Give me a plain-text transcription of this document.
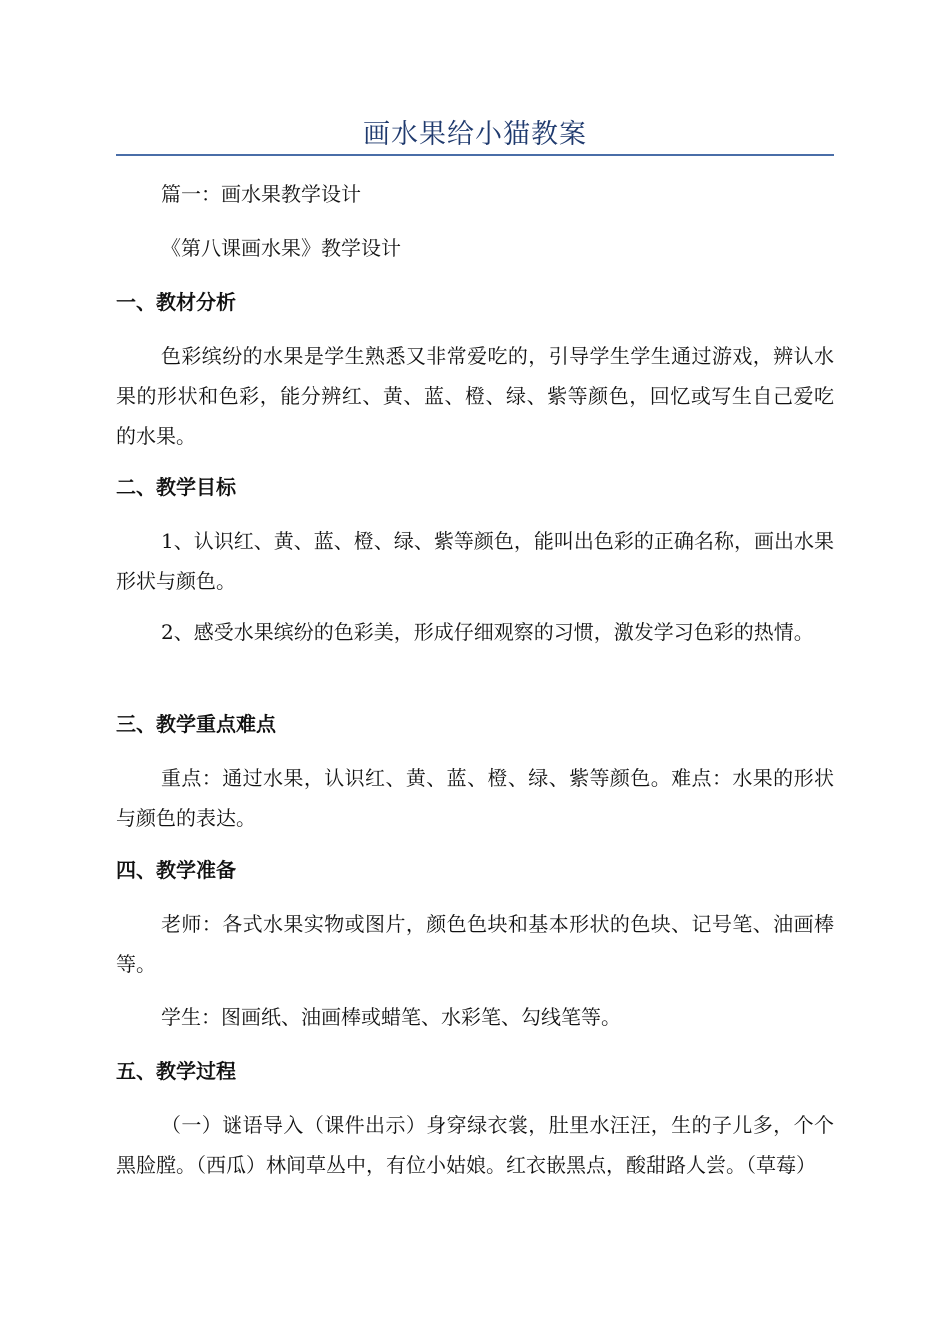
画水果给小猫教案

篇一：画水果教学设计

《第八课画水果》教学设计

一、教材分析

色彩缤纷的水果是学生熟悉又非常爱吃的，引导学生学生通过游戏，辨认水果的形状和色彩，能分辨红、黄、蓝、橙、绿、紫等颜色，回忆或写生自己爱吃的水果。

二、教学目标

1、认识红、黄、蓝、橙、绿、紫等颜色，能叫出色彩的正确名称，画出水果形状与颜色。

2、感受水果缤纷的色彩美，形成仔细观察的习惯，激发学习色彩的热情。

三、教学重点难点

重点：通过水果，认识红、黄、蓝、橙、绿、紫等颜色。难点：水果的形状与颜色的表达。

四、教学准备

老师：各式水果实物或图片，颜色色块和基本形状的色块、记号笔、油画棒等。

学生：图画纸、油画棒或蜡笔、水彩笔、勾线笔等。

五、教学过程

（一）谜语导入（课件出示）身穿绿衣裳，肚里水汪汪，生的子儿多，个个黑脸膛。（西瓜）林间草丛中，有位小姑娘。红衣嵌黑点，酸甜路人尝。（草莓）
